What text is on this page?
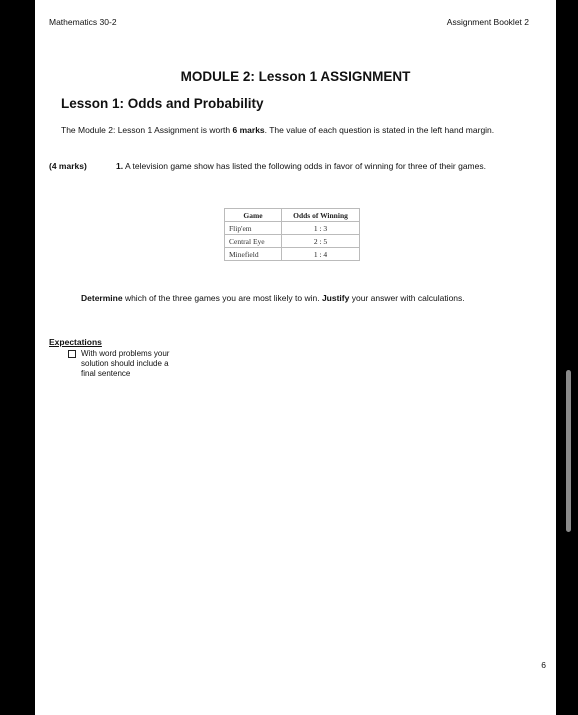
Mathematics 30-2	Assignment Booklet 2
MODULE 2: Lesson 1 ASSIGNMENT
Lesson 1: Odds and Probability
The Module 2: Lesson 1 Assignment is worth 6 marks. The value of each question is stated in the left hand margin.
(4 marks)	1. A television game show has listed the following odds in favor of winning for three of their games.
Game	Odds of Winning
Flip'em	1 : 3
Central Eye	2 : 5
Minefield	1 : 4
Determine which of the three games you are most likely to win. Justify your answer with calculations.
Expectations
With word problems your solution should include a final sentence
6
